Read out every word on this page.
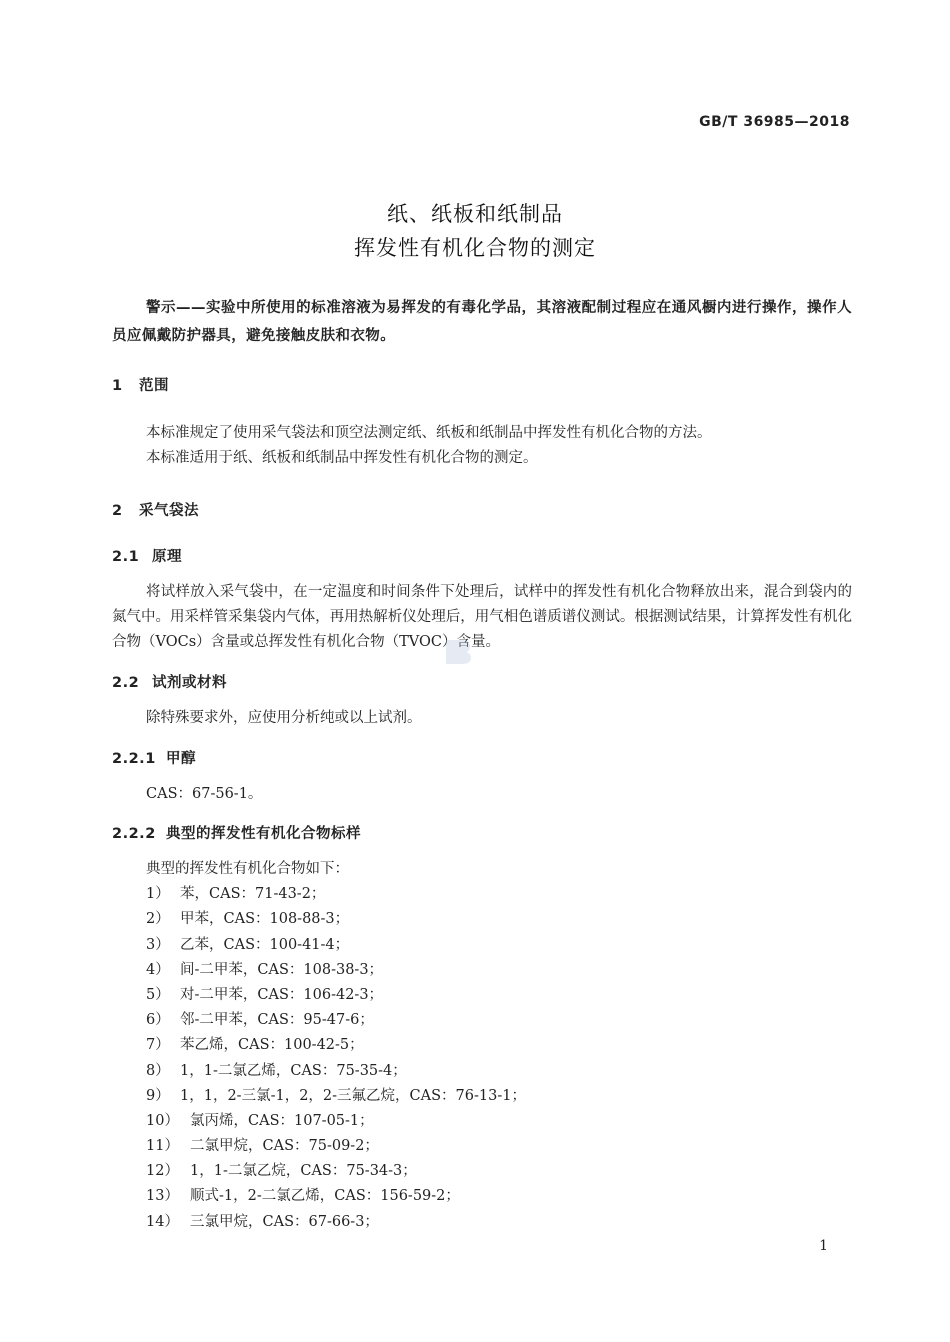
GB/T 36985—2018
纸、纸板和纸制品
挥发性有机化合物的测定
警示——实验中所使用的标准溶液为易挥发的有毒化学品，其溶液配制过程应在通风橱内进行操作，操作人员应佩戴防护器具，避免接触皮肤和衣物。
1 范围
本标准规定了使用采气袋法和顶空法测定纸、纸板和纸制品中挥发性有机化合物的方法。
本标准适用于纸、纸板和纸制品中挥发性有机化合物的测定。
2 采气袋法
2.1 原理
将试样放入采气袋中，在一定温度和时间条件下处理后，试样中的挥发性有机化合物释放出来，混合到袋内的氮气中。用采样管采集袋内气体，再用热解析仪处理后，用气相色谱质谱仪测试。根据测试结果，计算挥发性有机化合物（VOCs）含量或总挥发性有机化合物（TVOC）含量。
2.2 试剂或材料
除特殊要求外，应使用分析纯或以上试剂。
2.2.1 甲醇
CAS：67-56-1。
2.2.2 典型的挥发性有机化合物标样
典型的挥发性有机化合物如下：
1） 苯，CAS：71-43-2；
2） 甲苯，CAS：108-88-3；
3） 乙苯，CAS：100-41-4；
4） 间-二甲苯，CAS：108-38-3；
5） 对-二甲苯，CAS：106-42-3；
6） 邻-二甲苯，CAS：95-47-6；
7） 苯乙烯，CAS：100-42-5；
8） 1，1-二氯乙烯，CAS：75-35-4；
9） 1，1，2-三氯-1，2，2-三氟乙烷，CAS：76-13-1；
10） 氯丙烯，CAS：107-05-1；
11） 二氯甲烷，CAS：75-09-2；
12） 1，1-二氯乙烷，CAS：75-34-3；
13） 顺式-1，2-二氯乙烯，CAS：156-59-2；
14） 三氯甲烷，CAS：67-66-3；
1
